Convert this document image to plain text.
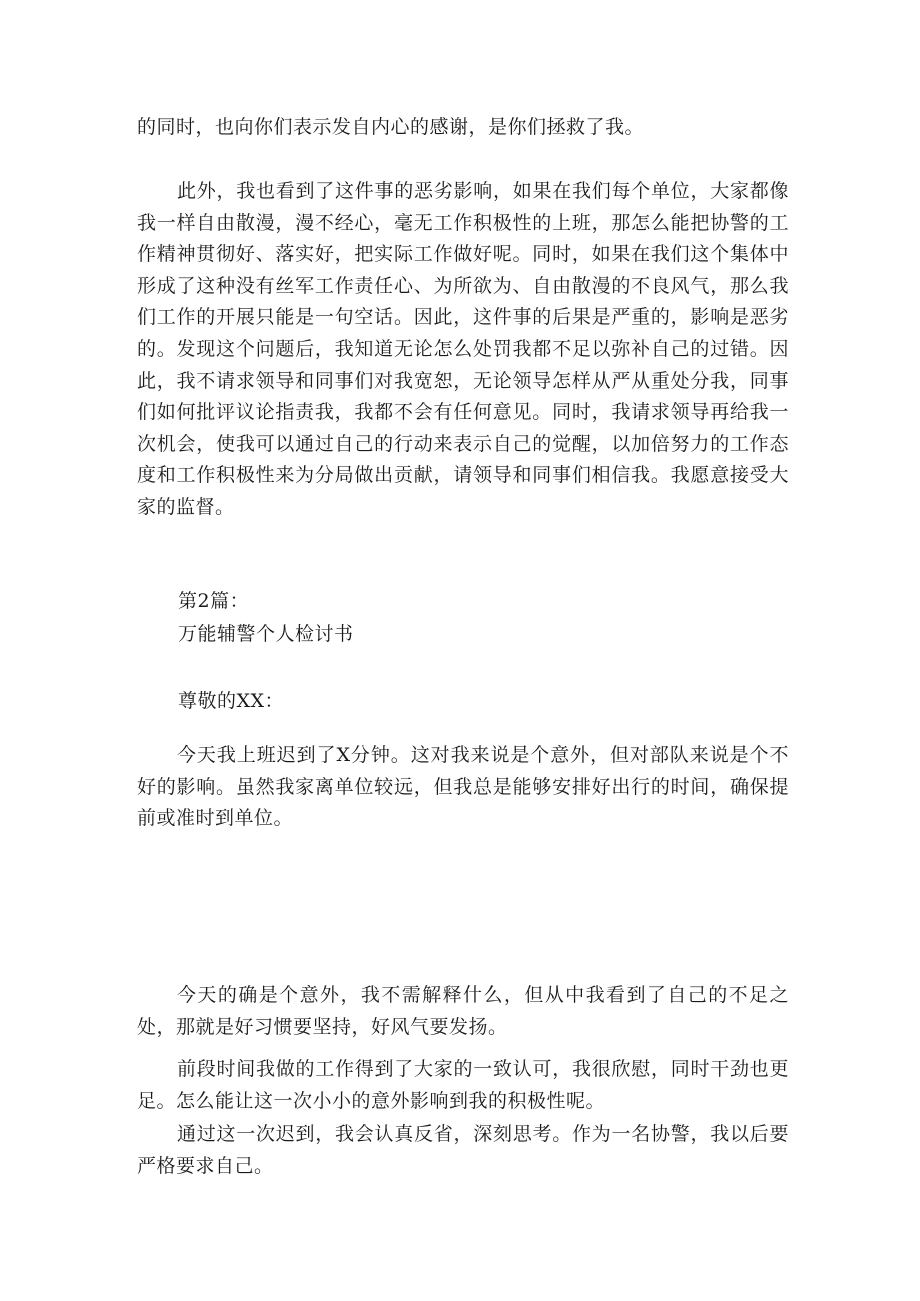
的同时，也向你们表示发自内心的感谢，是你们拯救了我。

此外，我也看到了这件事的恶劣影响，如果在我们每个单位，大家都像我一样自由散漫，漫不经心，毫无工作积极性的上班，那怎么能把协警的工作精神贯彻好、落实好，把实际工作做好呢。同时，如果在我们这个集体中形成了这种没有丝军工作责任心、为所欲为、自由散漫的不良风气，那么我们工作的开展只能是一句空话。因此，这件事的后果是严重的，影响是恶劣的。发现这个问题后，我知道无论怎么处罚我都不足以弥补自己的过错。因此，我不请求领导和同事们对我宽恕，无论领导怎样从严从重处分我，同事们如何批评议论指责我，我都不会有任何意见。同时，我请求领导再给我一次机会，使我可以通过自己的行动来表示自己的觉醒，以加倍努力的工作态度和工作积极性来为分局做出贡献，请领导和同事们相信我。我愿意接受大家的监督。

第2篇：

万能辅警个人检讨书

尊敬的XX：

今天我上班迟到了X分钟。这对我来说是个意外，但对部队来说是个不好的影响。虽然我家离单位较远，但我总是能够安排好出行的时间，确保提前或准时到单位。

今天的确是个意外，我不需解释什么，但从中我看到了自己的不足之处，那就是好习惯要坚持，好风气要发扬。

前段时间我做的工作得到了大家的一致认可，我很欣慰，同时干劲也更足。怎么能让这一次小小的意外影响到我的积极性呢。

通过这一次迟到，我会认真反省，深刻思考。作为一名协警，我以后要严格要求自己。
